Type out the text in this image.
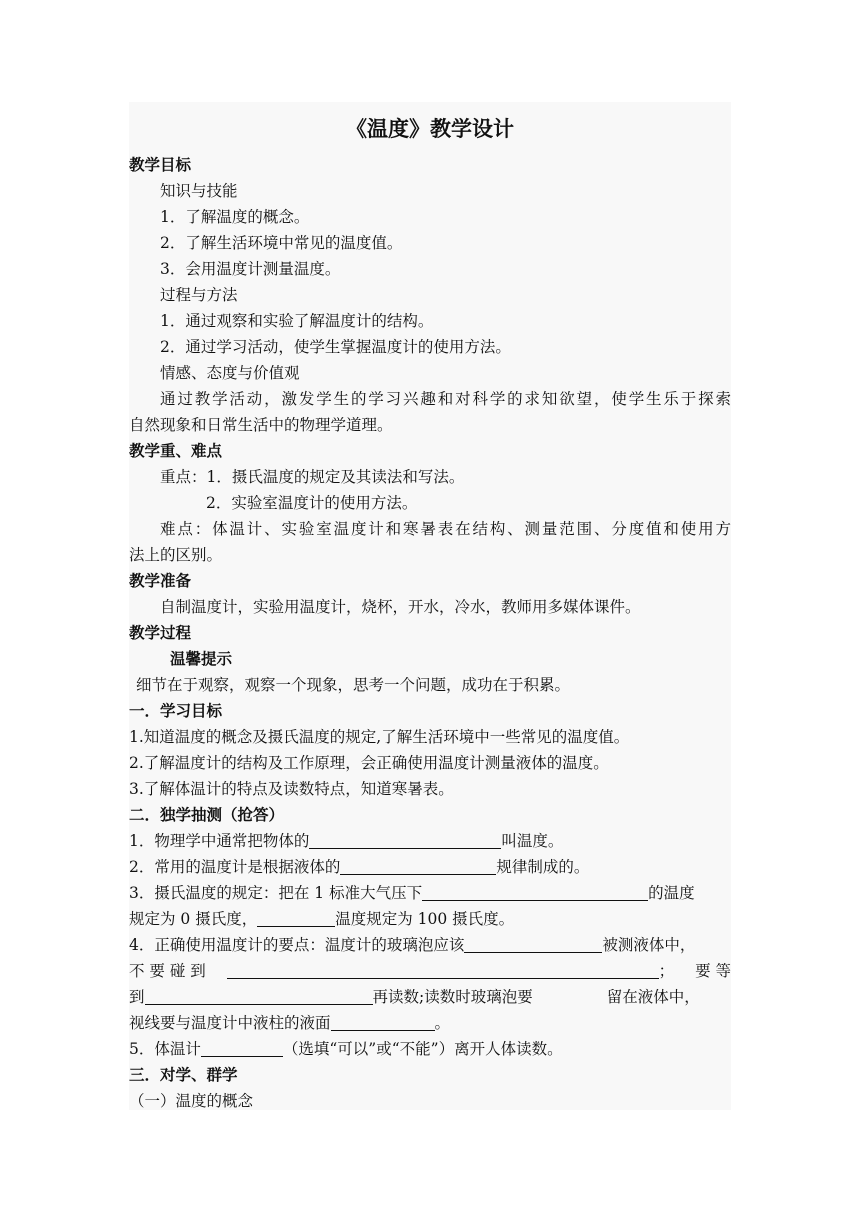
《温度》教学设计
教学目标
知识与技能
1．了解温度的概念。
2．了解生活环境中常见的温度值。
3．会用温度计测量温度。
过程与方法
1．通过观察和实验了解温度计的结构。
2．通过学习活动，使学生掌握温度计的使用方法。
情感、态度与价值观
通过教学活动，激发学生的学习兴趣和对科学的求知欲望，使学生乐于探索
自然现象和日常生活中的物理学道理。
教学重、难点
重点：1．摄氏温度的规定及其读法和写法。
2．实验室温度计的使用方法。
难点：体温计、实验室温度计和寒暑表在结构、测量范围、分度值和使用方
法上的区别。
教学准备
自制温度计，实验用温度计，烧杯，开水，冷水，教师用多媒体课件。
教学过程
温馨提示
细节在于观察，观察一个现象，思考一个问题，成功在于积累。
一．学习目标
1.知道温度的概念及摄氏温度的规定,了解生活环境中一些常见的温度值。
2.了解温度计的结构及工作原理，会正确使用温度计测量液体的温度。
3.了解体温计的特点及读数特点，知道寒暑表。
二．独学抽测（抢答）
1．物理学中通常把物体的	叫温度。
2．常用的温度计是根据液体的	规律制成的。
3．摄氏温度的规定：把在 1 标准大气压下	的温度
规定为 0 摄氏度，	温度规定为 100 摄氏度。
4．正确使用温度计的要点：温度计的玻璃泡应该	被测液体中，
不 要 碰 到	； 要 等
到	再读数;读数时玻璃泡要	留在液体中，
视线要与温度计中液柱的液面	。
5．体温计	（选填“可以”或“不能”）离开人体读数。
三．对学、群学
（一）温度的概念
